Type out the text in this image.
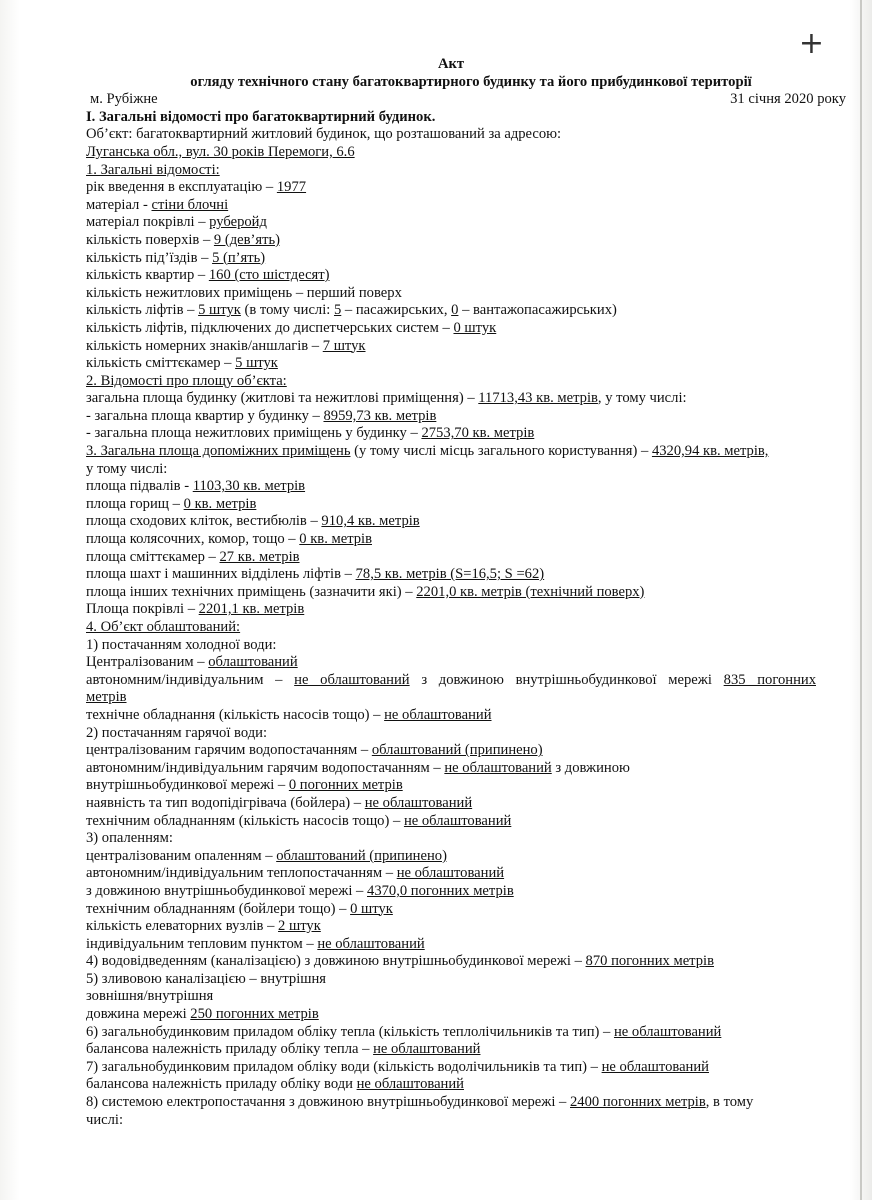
+
Акт
огляду технічного стану багатоквартирного будинку та його прибудинкової території
м. Рубіжне	31 січня 2020 року
І. Загальні відомості про багатоквартирний будинок.
Об’єкт: багатоквартирний житловий будинок, що розташований за адресою:
Луганська обл., вул. 30 років Перемоги, 6.6
1. Загальні відомості:
рік введення в експлуатацію – 1977
матеріал - стіни блочні
матеріал покрівлі – руберойд
кількість поверхів – 9 (дев’ять)
кількість під’їздів – 5 (п’ять)
кількість квартир – 160 (сто шістдесят)
кількість нежитлових приміщень – перший поверх
кількість ліфтів – 5 штук (в тому числі: 5 – пасажирських, 0 – вантажопасажирських)
кількість ліфтів, підключених до диспетчерських систем – 0 штук
кількість номерних знаків/аншлагів – 7 штук
кількість сміттєкамер – 5 штук
2. Відомості про площу об’єкта:
загальна площа будинку (житлові та нежитлові приміщення) – 11713,43 кв. метрів, у тому числі:
- загальна площа квартир у будинку – 8959,73 кв. метрів
- загальна площа нежитлових приміщень у будинку – 2753,70 кв. метрів
3. Загальна площа допоміжних приміщень (у тому числі місць загального користування) – 4320,94 кв. метрів,
у тому числі:
площа підвалів - 1103,30 кв. метрів
площа горищ – 0 кв. метрів
площа сходових кліток, вестибюлів – 910,4 кв. метрів
площа колясочних, комор, тощо – 0 кв. метрів
площа сміттєкамер – 27 кв. метрів
площа шахт і машинних відділень ліфтів – 78,5 кв. метрів (S=16,5; S =62)
площа інших технічних приміщень (зазначити які) – 2201,0 кв. метрів (технічний поверх)
Площа покрівлі – 2201,1 кв. метрів
4. Об’єкт облаштований:
1) постачанням холодної води:
Централізованим – облаштований
автономним/індивідуальним – не облаштований з довжиною внутрішньобудинкової мережі 835 погонних
метрів
технічне обладнання (кількість насосів тощо) – не облаштований
2) постачанням гарячої води:
централізованим гарячим водопостачанням – облаштований (припинено)
автономним/індивідуальним гарячим водопостачанням – не облаштований з довжиною
внутрішньобудинкової мережі – 0 погонних метрів
наявність та тип водопідігрівача (бойлера) – не облаштований
технічним обладнанням (кількість насосів тощо) – не облаштований
3) опаленням:
централізованим опаленням – облаштований (припинено)
автономним/індивідуальним теплопостачанням – не облаштований
з довжиною внутрішньобудинкової мережі – 4370,0 погонних метрів
технічним обладнанням (бойлери тощо) – 0 штук
кількість елеваторних вузлів – 2 штук
індивідуальним тепловим пунктом – не облаштований
4) водовідведенням (каналізацією) з довжиною внутрішньобудинкової мережі – 870 погонних метрів
5) зливовою каналізацією – внутрішня
зовнішня/внутрішня
довжина мережі 250 погонних метрів
6) загальнобудинковим приладом обліку тепла (кількість теплолічильників та тип) – не облаштований
балансова належність приладу обліку тепла – не облаштований
7) загальнобудинковим приладом обліку води (кількість водолічильників та тип) – не облаштований
балансова належність приладу обліку води не облаштований
8) системою електропостачання з довжиною внутрішньобудинкової мережі – 2400 погонних метрів, в тому
числі:
